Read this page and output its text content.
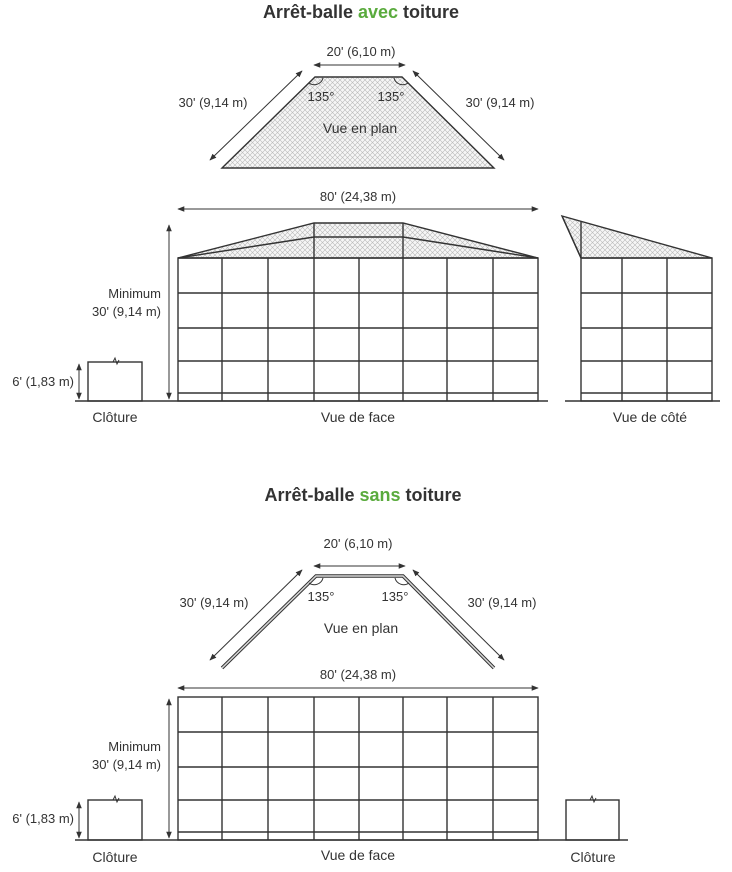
Arrêt-balle avec toiture
20' (6,10 m)
30' (9,14 m)	30' (9,14 m)
135°	135°
Vue en plan
80' (24,38 m)
Minimum
30' (9,14 m)
Vue de face
6' (1,83 m)
Clôture	Vue de côté
Arrêt-balle sans toiture
20' (6,10 m)
30' (9,14 m)	30' (9,14 m)
135°	135°
Vue en plan
80' (24,38 m)
Minimum
30' (9,14 m)
Vue de face
6' (1,83 m)
Clôture	Clôture
